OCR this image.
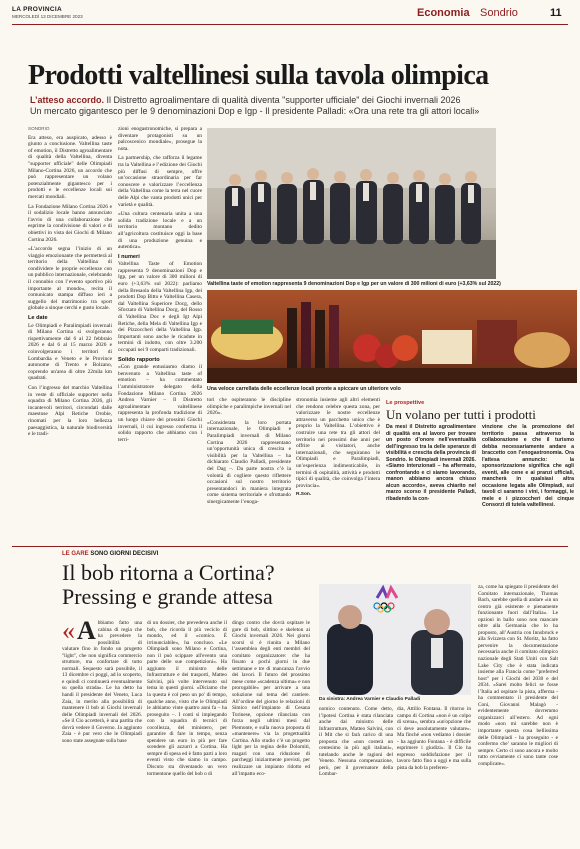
LA PROVINCIA
MERCOLEDÌ 13 DICEMBRE 2023	Economia Sondrio	11
Prodotti valtellinesi sulla tavola olimpica
L’atteso accordo. Il Distretto agroalimentare di qualità diventa "supporter ufficiale" dei Giochi invernali 2026
Un mercato gigantesco per le 9 denominazioni Dop e Igp - Il presidente Palladi: «Ora una rete tra gli attori locali»
SONDRIO

Era atteso, era auspicato, adesso è giunto a conclusione. Valtellina taste of emotion, il Distretto agroalimentare di qualità della Valtellina, diventa "supporter ufficiale" delle Olimpiadi Milano-Cortina 2026, un accordo che può rappresentare un volano potenzialmente gigantesco per i prodotti e le eccellenze locali sui mercati mondiali.

La Fondazione Milano Cortina 2026 e il sodalizio locale hanno annunciato l'avvio di una collaborazione che esprime la condivisione di valori e di obiettivi in vista dei Giochi di Milano Cortina 2026.

«L’accordo segna l’inizio di un viaggio emozionante che permetterà al territorio della Valtellina di condividere le proprie eccellenze con un pubblico internazionale, celebrando il connubio con l’evento sportivo più importante al mondo», recita il comunicato stampa diffuso ieri a suggello del matrimonio tra sport globale a sinque cerchi e gusto locale.

Le date

Le Olimpiadi e Paralimpiadi invernali di Milano Cortina si svolgeranno rispettivamente dal 6 al 22 febbraio 2026 e dal 6 al 15 marzo 2026 e coinvolgeranno i territori di Lombardia e Veneto e le Province autonome di Trento e Bolzano, coprendo un'area di oltre 22mila km quadrati.

Con l’ingresso del marchio Valtellina in veste di ufficiale supporter nella squadra di Milano Cortina 2026, gli incantevoli territori, circondati dalle maestose Alpi Retiche Orobie, rinomati per la loro bellezza paesaggistica, la naturale biodiversità e le tradi-

zioni enogastronomiche, si prepara a diventare protagonisti su un palcoscenico mondiale», prosegue la nota.

La partnership, che rafforza il legame tra la Valtellina e l’edizione dei Giochi più diffusi di sempre, offre un’occasione straordinaria per far conoscere e valorizzare l’eccellenza della Valtellina come la terra nel cuore delle Alpi che vanta prodotti unici per varietà e qualità.

«Una cultura centenaria unita a una solida tradizione locale e a un territorio montano dedito all’agricoltura costituisce oggi la base di una produzione genuina e autentica».

I numeri

Valtellina Taste of Emotion rappresenta 9 denominazioni Dop e Igp, per un valore di 300 milioni di euro (+3,63% sul 2022): parliamo della Bresaola della Valtellina Igp, dei prodotti Dop Bitto e Valtellina Casera, dal Valtellina Superiore Docg, dello Sforzato di Valtellina Docg, del Rosso di Valtellina Doc e degli Igt Alpi Retiche, della Mela di Valtellina Igp e dei Pizzoccheri della Valtellina Igp. Importanti sono anche le ricadute in termini di indotto, con oltre 3.200 occupati nei 9 comparti tradizionali.

Solido rapporto

«Con grande entusiasmo diamo il benvenuto a Valtellina taste of emotion – ha commentato l’amministratore delegato della Fondazione Milano Cortina 2026 Andrea Varnier – Il Distretto agroalimentare valtellinese rappresenta la profonda tradizione di un luogo chiave dei prossimi Giochi invernali, il cui ingresso conferma il solido rapporto che abbiamo con i terri-

Valtellina taste of emotion rappresenta 9 denominazioni Dop e Igp per un valore di 300 milioni di euro (+3,63% sul 2022)
Una veloce carrellata delle eccellenze locali pronte a spiccare un ulteriore volo

tori che ospiteranno le discipline olimpiche e paralimpiche invernali nel 2026».

«Considerata la loro portata internazionale, le Olimpiadi e Paralimpiadi invernali di Milano Cortina 2026 rappresentano un’opportunità unica di crescita e visibilità per la Valtellina – ha dichiarato Claudio Palladi, presidente del Dag –. Da parte nostra c’è la volontà di cogliere questo riflettere occasioni sul nostro territorio presentandoci in maniera integrata come sistema territoriale e sfruttando sinergicamente l’enoga-

stronomia insieme agli altri elementi che rendono celebre questa zona, per valorizzare le nostre eccellenze attraverso un pacchetto unico che è proprio la Valtellina. L’obiettivo è costruire una rete tra gli attori del territorio nei prossimi due anni per offrire ai visitatori, anche internazionali, che seguiranno le Olimpiadi e Paralimpiadi, un’esperienza indimenticabile, in termini di ospitalità, attività e prodotti tipici di qualità, che coinvolga l’intera provincia».

R.Son.
Le prospettive
Un volano per tutti i prodotti
Da mesi il Distretto agroalimentare di qualità era al lavoro per trovare un posto d’onore nell’eventualità dell’ingresso tra la delle speranze di visibilità e crescita della provincia di Sondrio. le Olimpiadi invernali 2026. «Siamo intenzionati – ha affermato, confrontando e ci siamo lavorando, manon abbiamo ancora chiuso alcun accordo», aveva chiarito nel marzo scorso il presidente Palladi, ribadendo la con-
vinzione che la promozione del territorio passa attraverso la collaborazione e che il turismo debba necessariamente andare a braccetto con l’enogastronomia. Ora l'attesa annuncio: la sponsorizzazione significa che agli eventi, alle cene e ai pranzi ufficiali, mancherà in qualsiasi altra occasione legata alle Olimpiadi, sui tavoli ci saranno i vini, i formaggi, le mele e i pizzoccheri dei cinque Consorzi di tutela valtellinesi.
LE GARE SONO GIORNI DECISIVI
Il bob ritorna a Cortina?
Pressing e grande attesa
« A bbiamo fatto una cabina di regia che ha prevedere la possibilità di valutare fino in fondo un progetto "light", che non significa commercio strutture, ma confortare di tutto normali. Sequesto sarà possibile, il 13 dicembre ci poggi, ad lo scoperto, e quindi ci continuerà eventualmente su quella strada». Le ha detto ha handi il presidente del Veneto, Luca Zaia, in merito alla possibilità di mantenere il bob ai Giochi invernali delle Olimpiadi invernali del 2026. «Se il Cio accetterà, è una partita che dovrà vedere il Governo. Ja aggiunto Zaia - è pur vero che le Olimpiadi sono state assegnate sulla base
di un dossier, che prevedeva anche il bob, che ricorda il più veciclo di mondo, ed il «comico. È irrinunciabile», ha concluso. «Le Olimpiadi sono Milano e Cortina, non il può scippare all'evento una parte delle sue competizioni». Ha aggiunto il ministro delle Infrastrutture e dei trasporti, Matteo Salvini, più volte intervenuto sul tema in questi giorni. «Diciamo che la questa è col peso un po' di tempo, qualche anno, visto che le Olimpiadi le abbiamo vinte quattro anni fa – ha proseguito –. I conti si impiegando con la squadra di tecnici di cocollezza, del ministero, per garantire di fare in tempo, senza spendere un euro in più per fare scendere gli azzurri a Cortina. Ha sempre di spesa ed è fatto parti a loro eventi visto che siamo in campo. Discuto sta diventando un vero tormentone quello del bob o di
dingo contro che dovrà ospitare le gare di bob, slittino e skeleton ai Giochi invernali 2026. Nei giorni scorsi si è riunita a Milano l’assemblea degli enti membri del comitato organizzatore: che ha fissato a pochi giorni in due settimane e tre di mancanza l'avvio dei lavori. Il futuro del prossimo mese come «scadenza ultima» e non prorogabile» per arrivare a una soluzione sul tema del cantiere. All’ordine del giorno le relazioni di Simico nell’impianto di Cesana Torinese, opzione rilanciata con forza negli ultimi mesi dal Piemonte, e sulla nuova proposta di «mantenere» via la progettualità Cortina. Allo studio c’è un progetto light per la regina delle Dolomiti, magari con una riduzione di parcheggi iniziarmente previsti, per realizzare un impianto ridotto ed all’impatto eco-
Da sinistra: Andrea Varnier e Claudio Palladi
nomico contenuto. Come detto, l’ipotesi Cortina è stata rilanciata anche dal ministro delle Infrastrutture, Matteo Salvini, con il Mit che si farà carico di una proposta che «non costerà un centesimo in più agli italiani», tutelando anche le ragioni del Veneto. Nessuna compensazione, però, per il governatore della Lombar-
dia, Attilio Fontana. Il ritorno in campo di Cortina «non è un colpo di scena», sembra «un'opzione che ci deve assolutamente valutare». Ma finché «non vediamo i dossier - ha aggiunto Fontana - è difficile esprimere i giudizi». Il Cio ha espresso soddisfazione per il lavoro fatto fino a oggi e ma sulla pista da bob la preferen-
za, come ha spiegato il presidente del Comitato internazionale, Thomas Bach, sarebbe quella di andare «in un centro già esistente e pienamente funzionante fuori dall’Italia». Le opzioni in ballo sono non mancare oltre alla Germania che lo ha proposto, all’Austria con Innsbruck e alla Svizzera con St. Moritz, ha fatto pervenire la documentazione necessaria anche il comitato olimpico nazionale degli Stati Uniti con Salt Lake City che è stata indicata insieme alla Francia come "preferred host" per i Giochi del 2030 e del 2034. «Sarei molto felici se fosse l’Italia ad ospitare la pista, afferma - ha commentato il presidente del Coni, Giovanni Malagò - evidentemente dovremmo organizzarci all’estero. Ad ogni modo «non mi sarebbe non è importante questa cosa bellissima delle Olimpiadi - ha proseguito - e confermo che’ saranno le migliori di sempre. Certo ci sono ancora e molto tutto ovviamente ci sono tante cose complicate».
